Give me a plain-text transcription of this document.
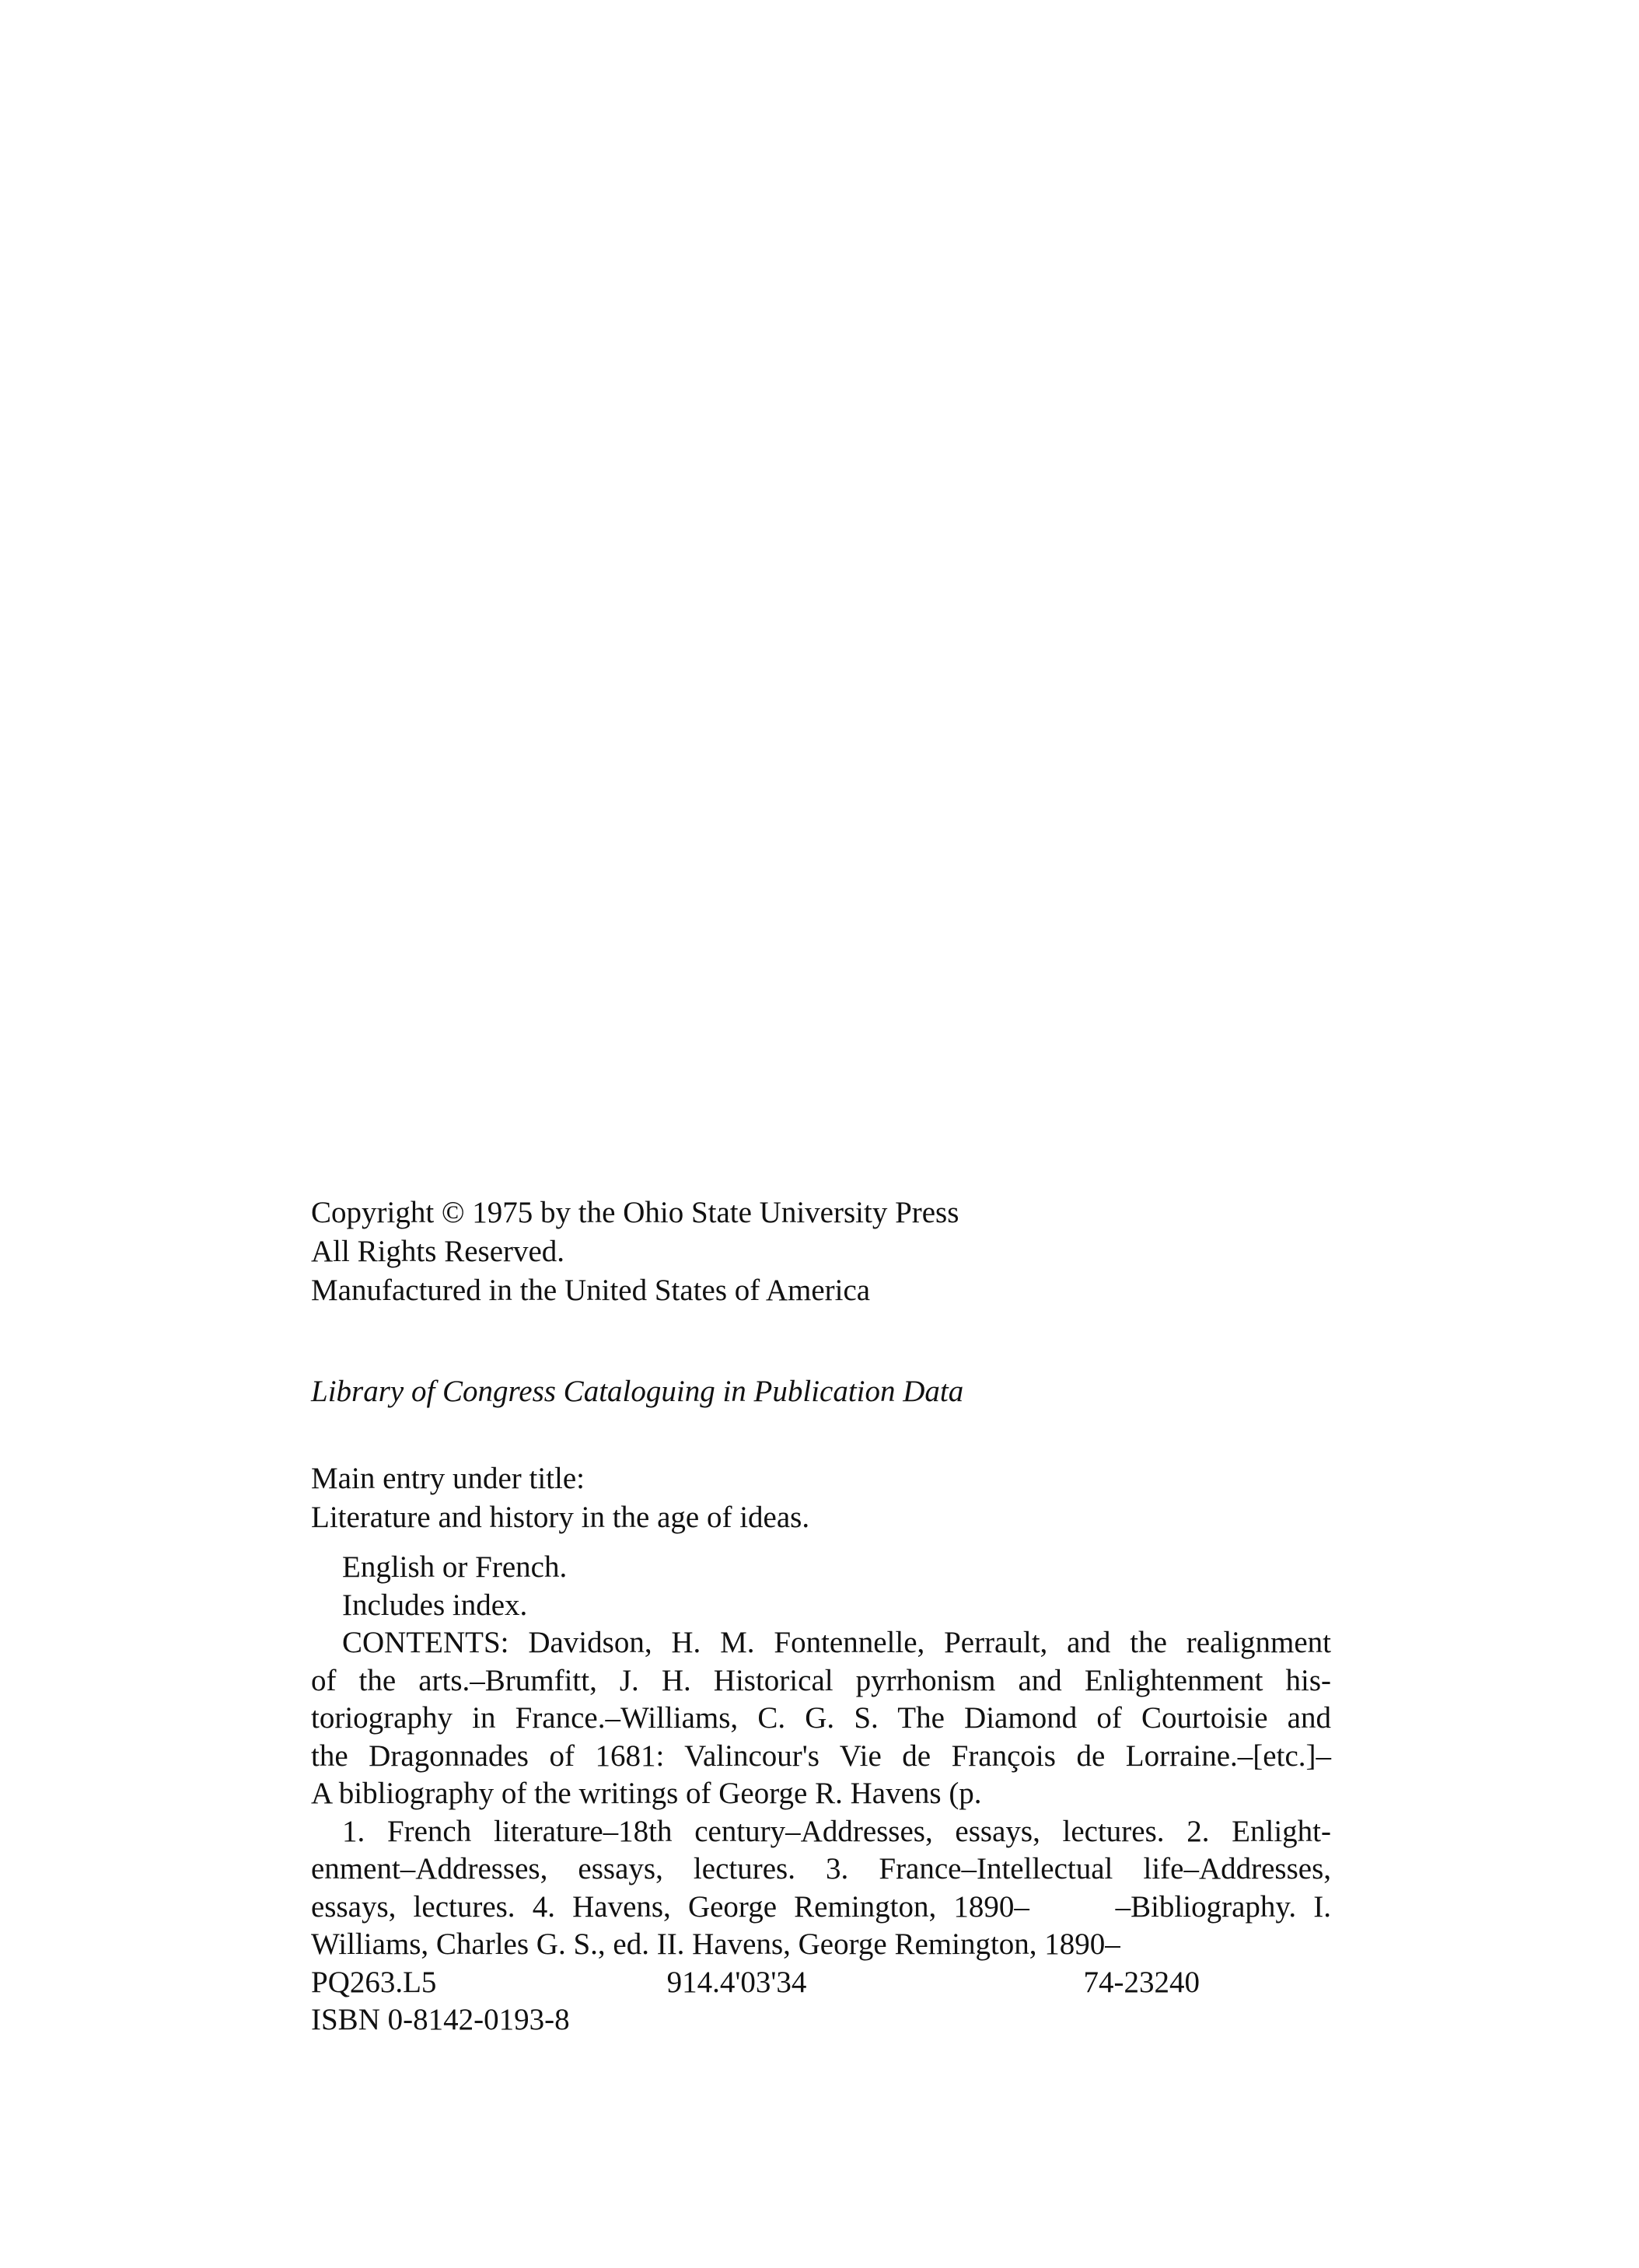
Copyright © 1975 by the Ohio State University Press
All Rights Reserved.
Manufactured in the United States of America
Library of Congress Cataloguing in Publication Data
Main entry under title:
Literature and history in the age of ideas.
English or French.
Includes index.
CONTENTS: Davidson, H. M. Fontennelle, Perrault, and the realignment
of the arts.–Brumfitt, J. H. Historical pyrrhonism and Enlightenment his-
toriography in France.–Williams, C. G. S. The Diamond of Courtoisie and
the Dragonnades of 1681: Valincour's Vie de François de Lorraine.–[etc.]–
A bibliography of the writings of George R. Havens (p.
1. French literature–18th century–Addresses, essays, lectures. 2. Enlight-
enment–Addresses, essays, lectures. 3. France–Intellectual life–Addresses,
essays, lectures. 4. Havens, George Remington, 1890–     –Bibliography. I.
Williams, Charles G. S., ed. II. Havens, George Remington, 1890–
PQ263.L5	914.4'03'34	74-23240
ISBN 0-8142-0193-8
